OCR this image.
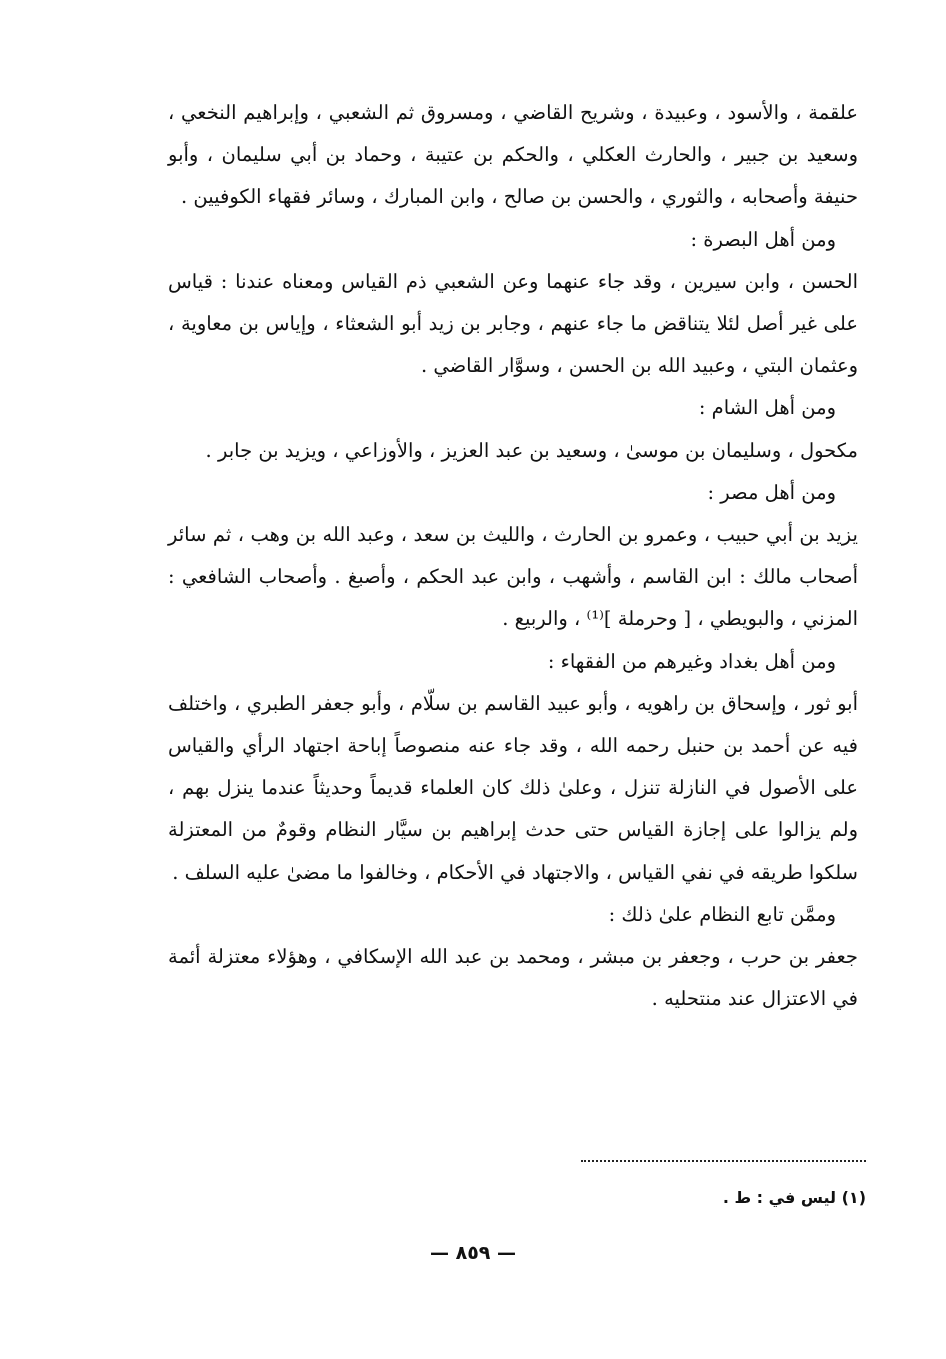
علقمة ، والأسود ، وعبيدة ، وشريح القاضي ، ومسروق ثم الشعبي ، وإبراهيم النخعي ، وسعيد بن جبير ، والحارث العكلي ، والحكم بن عتيبة ، وحماد بن أبي سليمان ، وأبو حنيفة وأصحابه ، والثوري ، والحسن بن صالح ، وابن المبارك ، وسائر فقهاء الكوفيين .

ومن أهل البصرة :

الحسن ، وابن سيرين ، وقد جاء عنهما وعن الشعبي ذم القياس ومعناه عندنا : قياس على غير أصل لئلا يتناقض ما جاء عنهم ، وجابر بن زيد أبو الشعثاء ، وإياس بن معاوية ، وعثمان البتي ، وعبيد الله بن الحسن ، وسوَّار القاضي .

ومن أهل الشام :

مكحول ، وسليمان بن موسىٰ ، وسعيد بن عبد العزيز ، والأوزاعي ، ويزيد بن جابر .

ومن أهل مصر :

يزيد بن أبي حبيب ، وعمرو بن الحارث ، والليث بن سعد ، وعبد الله بن وهب ، ثم سائر أصحاب مالك : ابن القاسم ، وأشهب ، وابن عبد الحكم ، وأصبغ . وأصحاب الشافعي : المزني ، والبويطي ، [ وحرملة ]⁽¹⁾ ، والربيع .

ومن أهل بغداد وغيرهم من الفقهاء :

أبو ثور ، وإسحاق بن راهويه ، وأبو عبيد القاسم بن سلّام ، وأبو جعفر الطبري ، واختلف فيه عن أحمد بن حنبل رحمه الله ، وقد جاء عنه منصوصاً إباحة اجتهاد الرأي والقياس على الأصول في النازلة تنزل ، وعلىٰ ذلك كان العلماء قديماً وحديثاً عندما ينزل بهم ، ولم يزالوا على إجازة القياس حتى حدث إبراهيم بن سيَّار النظام وقومٌ من المعتزلة سلكوا طريقه في نفي القياس ، والاجتهاد في الأحكام ، وخالفوا ما مضىٰ عليه السلف .

وممَّن تابع النظام علىٰ ذلك :

جعفر بن حرب ، وجعفر بن مبشر ، ومحمد بن عبد الله الإسكافي ، وهؤلاء معتزلة أئمة في الاعتزال عند منتحليه .

(١) ليس في : ط .
— ٨٥٩ —
